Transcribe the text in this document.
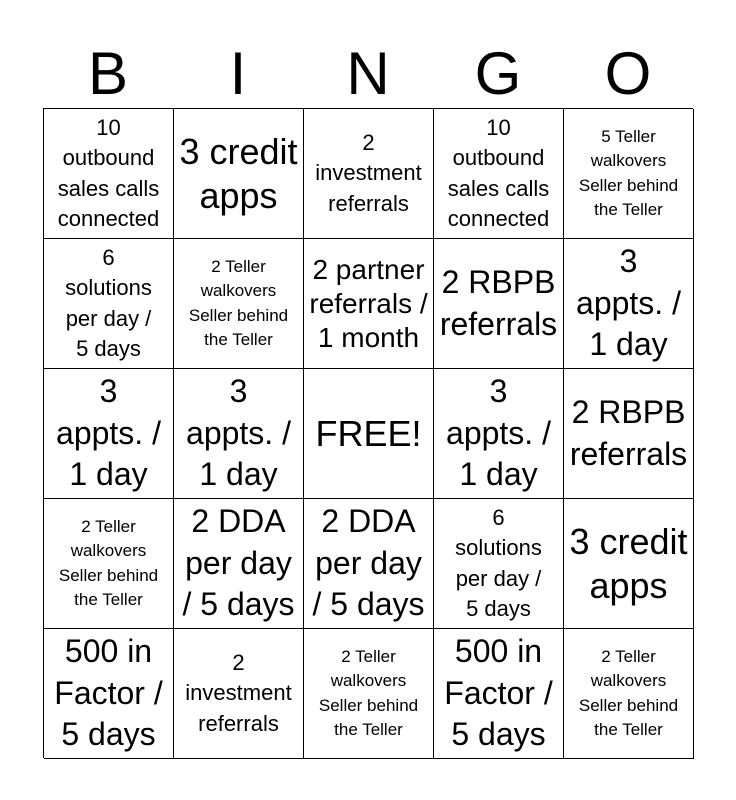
B	I	N	G	O
10
outbound
sales calls
connected
3 credit
apps
2
investment
referrals
10
outbound
sales calls
connected
5 Teller
walkovers
Seller behind
the Teller
6
solutions
per day /
5 days
2 Teller
walkovers
Seller behind
the Teller
2 partner
referrals /
1 month
2 RBPB
referrals
3
appts. /
1 day
3
appts. /
1 day
3
appts. /
1 day
FREE!
3
appts. /
1 day
2 RBPB
referrals
2 Teller
walkovers
Seller behind
the Teller
2 DDA
per day
/ 5 days
2 DDA
per day
/ 5 days
6
solutions
per day /
5 days
3 credit
apps
500 in
Factor /
5 days
2
investment
referrals
2 Teller
walkovers
Seller behind
the Teller
500 in
Factor /
5 days
2 Teller
walkovers
Seller behind
the Teller
